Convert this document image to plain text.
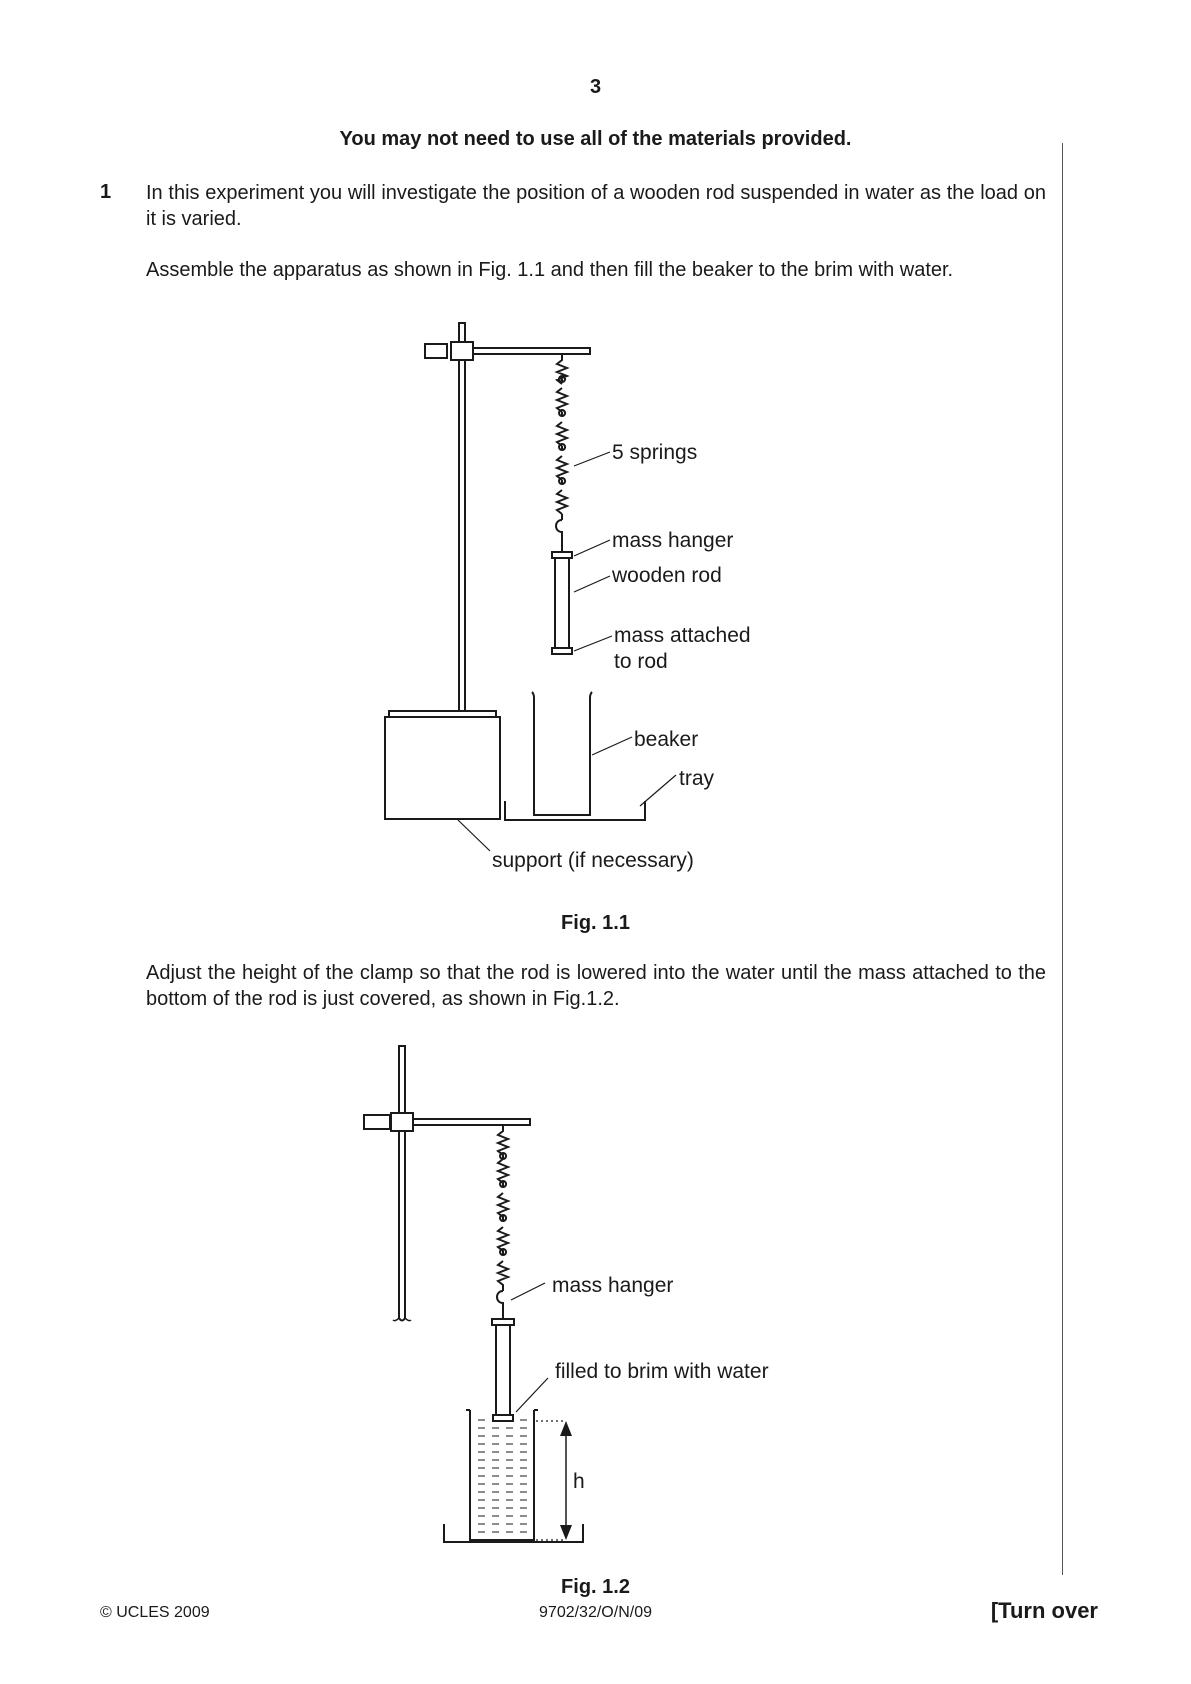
3
You may not need to use all of the materials provided.
1 In this experiment you will investigate the position of a wooden rod suspended in water as the load on it is varied.
Assemble the apparatus as shown in Fig. 1.1 and then fill the beaker to the brim with water.
5 springs
mass hanger
wooden rod
mass attached
to rod
beaker
tray
support (if necessary)
Fig. 1.1
Adjust the height of the clamp so that the rod is lowered into the water until the mass attached to the bottom of the rod is just covered, as shown in Fig.1.2.
mass hanger
filled to brim with water
h
Fig. 1.2
© UCLES 2009	9702/32/O/N/09	[Turn over
